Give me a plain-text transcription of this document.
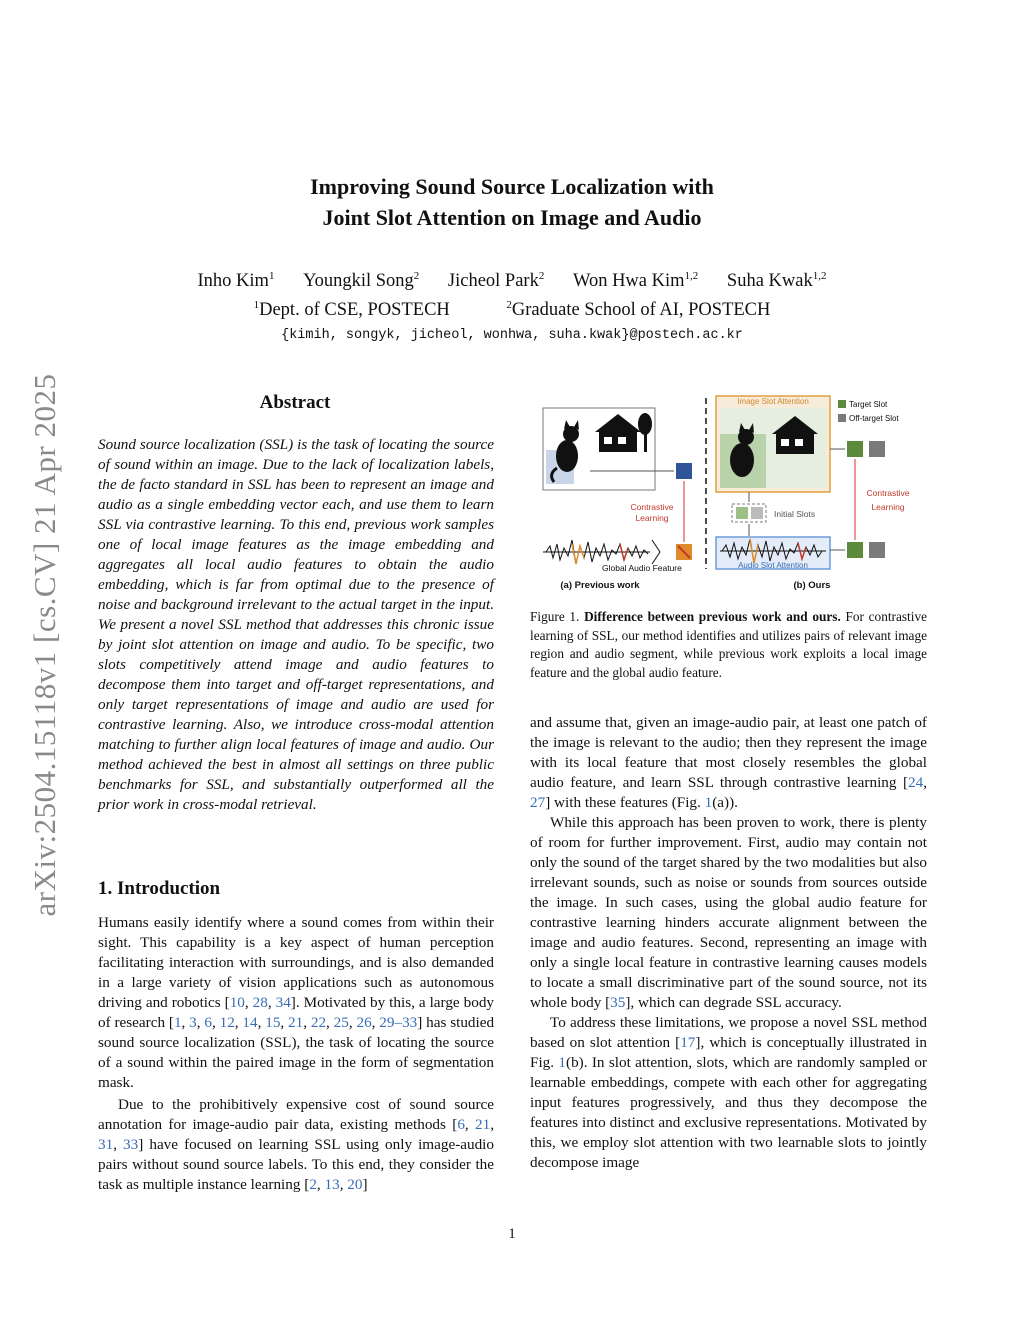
arXiv:2504.15118v1 [cs.CV] 21 Apr 2025
Improving Sound Source Localization with
Joint Slot Attention on Image and Audio
Inho Kim$^1$ Youngkil Song$^2$ Jicheol Park$^2$ Won Hwa Kim$^{1,2}$ Suha Kwak$^{1,2}$
$^1$Dept. of CSE, POSTECH	$^2$Graduate School of AI, POSTECH
{kimih, songyk, jicheol, wonhwa, suha.kwak}@postech.ac.kr
Abstract

Sound source localization (SSL) is the task of locating the source of sound within an image. Due to the lack of localization labels, the de facto standard in SSL has been to represent an image and audio as a single embedding vector each, and use them to learn SSL via contrastive learning. To this end, previous work samples one of local image features as the image embedding and aggregates all local audio features to obtain the audio embedding, which is far from optimal due to the presence of noise and background irrelevant to the actual target in the input. We present a novel SSL method that addresses this chronic issue by joint slot attention on image and audio. To be specific, two slots competitively attend image and audio features to decompose them into target and off-target representations, and only target representations of image and audio are used for contrastive learning. Also, we introduce cross-modal attention matching to further align local features of image and audio. Our method achieved the best in almost all settings on three public benchmarks for SSL, and substantially outperformed all the prior work in cross-modal retrieval.

1. Introduction

Humans easily identify where a sound comes from within their sight. This capability is a key aspect of human perception facilitating interaction with surroundings, and is also demanded in a large variety of vision applications such as autonomous driving and robotics [10, 28, 34]. Motivated by this, a large body of research [1, 3, 6, 12, 14, 15, 21, 22, 25, 26, 29–33] has studied sound source localization (SSL), the task of locating the source of a sound within the paired image in the form of segmentation mask.

Due to the prohibitively expensive cost of sound source annotation for image-audio pair data, existing methods [6, 21, 31, 33] have focused on learning SSL using only image-audio pairs without sound source labels. To this end, they consider the task as multiple instance learning [2, 13, 20]

Contrastive
Learning
Global Audio Feature
(a) Previous work
Image Slot Attention	Target Slot
Off-target Slot
Contrastive
Learning
Initial Slots
Audio Slot Attention
(b) Ours
Figure 1. Difference between previous work and ours. For contrastive learning of SSL, our method identifies and utilizes pairs of relevant image region and audio segment, while previous work exploits a local image feature and the global audio feature.

and assume that, given an image-audio pair, at least one patch of the image is relevant to the audio; then they represent the image with its local feature that most closely resembles the global audio feature, and learn SSL through contrastive learning [24, 27] with these features (Fig. 1(a)).

While this approach has been proven to work, there is plenty of room for further improvement. First, audio may contain not only the sound of the target shared by the two modalities but also irrelevant sounds, such as noise or sounds from sources outside the image. In such cases, using the global audio feature for contrastive learning hinders accurate alignment between the image and audio features. Second, representing an image with only a single local feature in contrastive learning causes models to locate a small discriminative part of the sound source, not its whole body [35], which can degrade SSL accuracy.

To address these limitations, we propose a novel SSL method based on slot attention [17], which is conceptually illustrated in Fig. 1(b). In slot attention, slots, which are randomly sampled or learnable embeddings, compete with each other for aggregating input features progressively, and thus they decompose the features into distinct and exclusive representations. Motivated by this, we employ slot attention with two learnable slots to jointly decompose image

1
